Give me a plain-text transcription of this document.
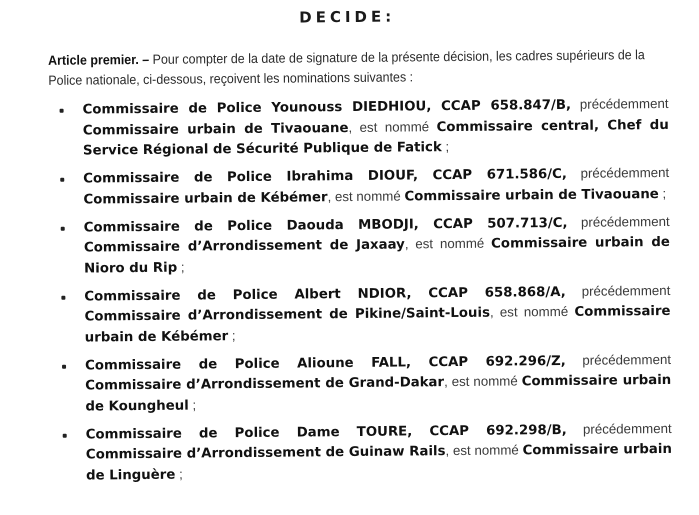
DECIDE:
Article premier. – Pour compter de la date de signature de la présente décision, les cadres supérieurs de la Police nationale, ci-dessous, reçoivent les nominations suivantes :
Commissaire de Police Younouss DIEDHIOU, CCAP 658.847/B, précédemment Commissaire urbain de Tivaouane, est nommé Commissaire central, Chef du Service Régional de Sécurité Publique de Fatick ;
Commissaire de Police Ibrahima DIOUF, CCAP 671.586/C, précédemment Commissaire urbain de Kébémer, est nommé Commissaire urbain de Tivaouane ;
Commissaire de Police Daouda MBODJI, CCAP 507.713/C, précédemment Commissaire d’Arrondissement de Jaxaay, est nommé Commissaire urbain de Nioro du Rip ;
Commissaire de Police Albert NDIOR, CCAP 658.868/A, précédemment Commissaire d’Arrondissement de Pikine/Saint-Louis, est nommé Commissaire urbain de Kébémer ;
Commissaire de Police Alioune FALL, CCAP 692.296/Z, précédemment Commissaire d’Arrondissement de Grand-Dakar, est nommé Commissaire urbain de Koungheul ;
Commissaire de Police Dame TOURE, CCAP 692.298/B, précédemment Commissaire d’Arrondissement de Guinaw Rails, est nommé Commissaire urbain de Linguère ;
